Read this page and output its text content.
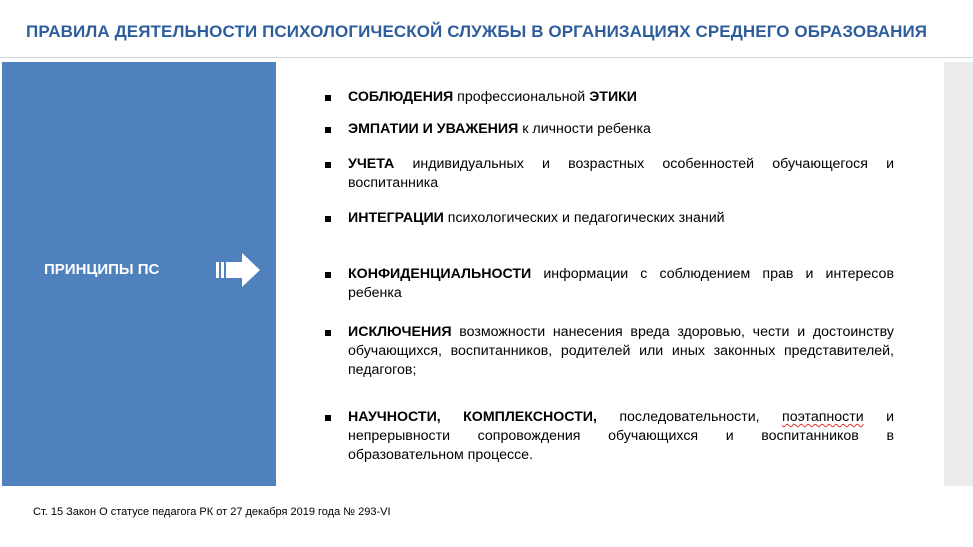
ПРАВИЛА ДЕЯТЕЛЬНОСТИ ПСИХОЛОГИЧЕСКОЙ СЛУЖБЫ В ОРГАНИЗАЦИЯХ СРЕДНЕГО ОБРАЗОВАНИЯ
ПРИНЦИПЫ ПС
СОБЛЮДЕНИЯ профессиональной ЭТИКИ
ЭМПАТИИ И УВАЖЕНИЯ к личности ребенка
УЧЕТА индивидуальных и возрастных особенностей обучающегося и воспитанника
ИНТЕГРАЦИИ психологических и педагогических знаний
КОНФИДЕНЦИАЛЬНОСТИ информации с соблюдением прав и интересов ребенка
ИСКЛЮЧЕНИЯ возможности нанесения вреда здоровью, чести и достоинству обучающихся, воспитанников, родителей или иных законных представителей, педагогов;
НАУЧНОСТИ, КОМПЛЕКСНОСТИ, последовательности, поэтапности и непрерывности сопровождения обучающихся и воспитанников в образовательном процессе.
Ст. 15 Закон О статусе педагога РК от 27 декабря 2019 года № 293-VI
